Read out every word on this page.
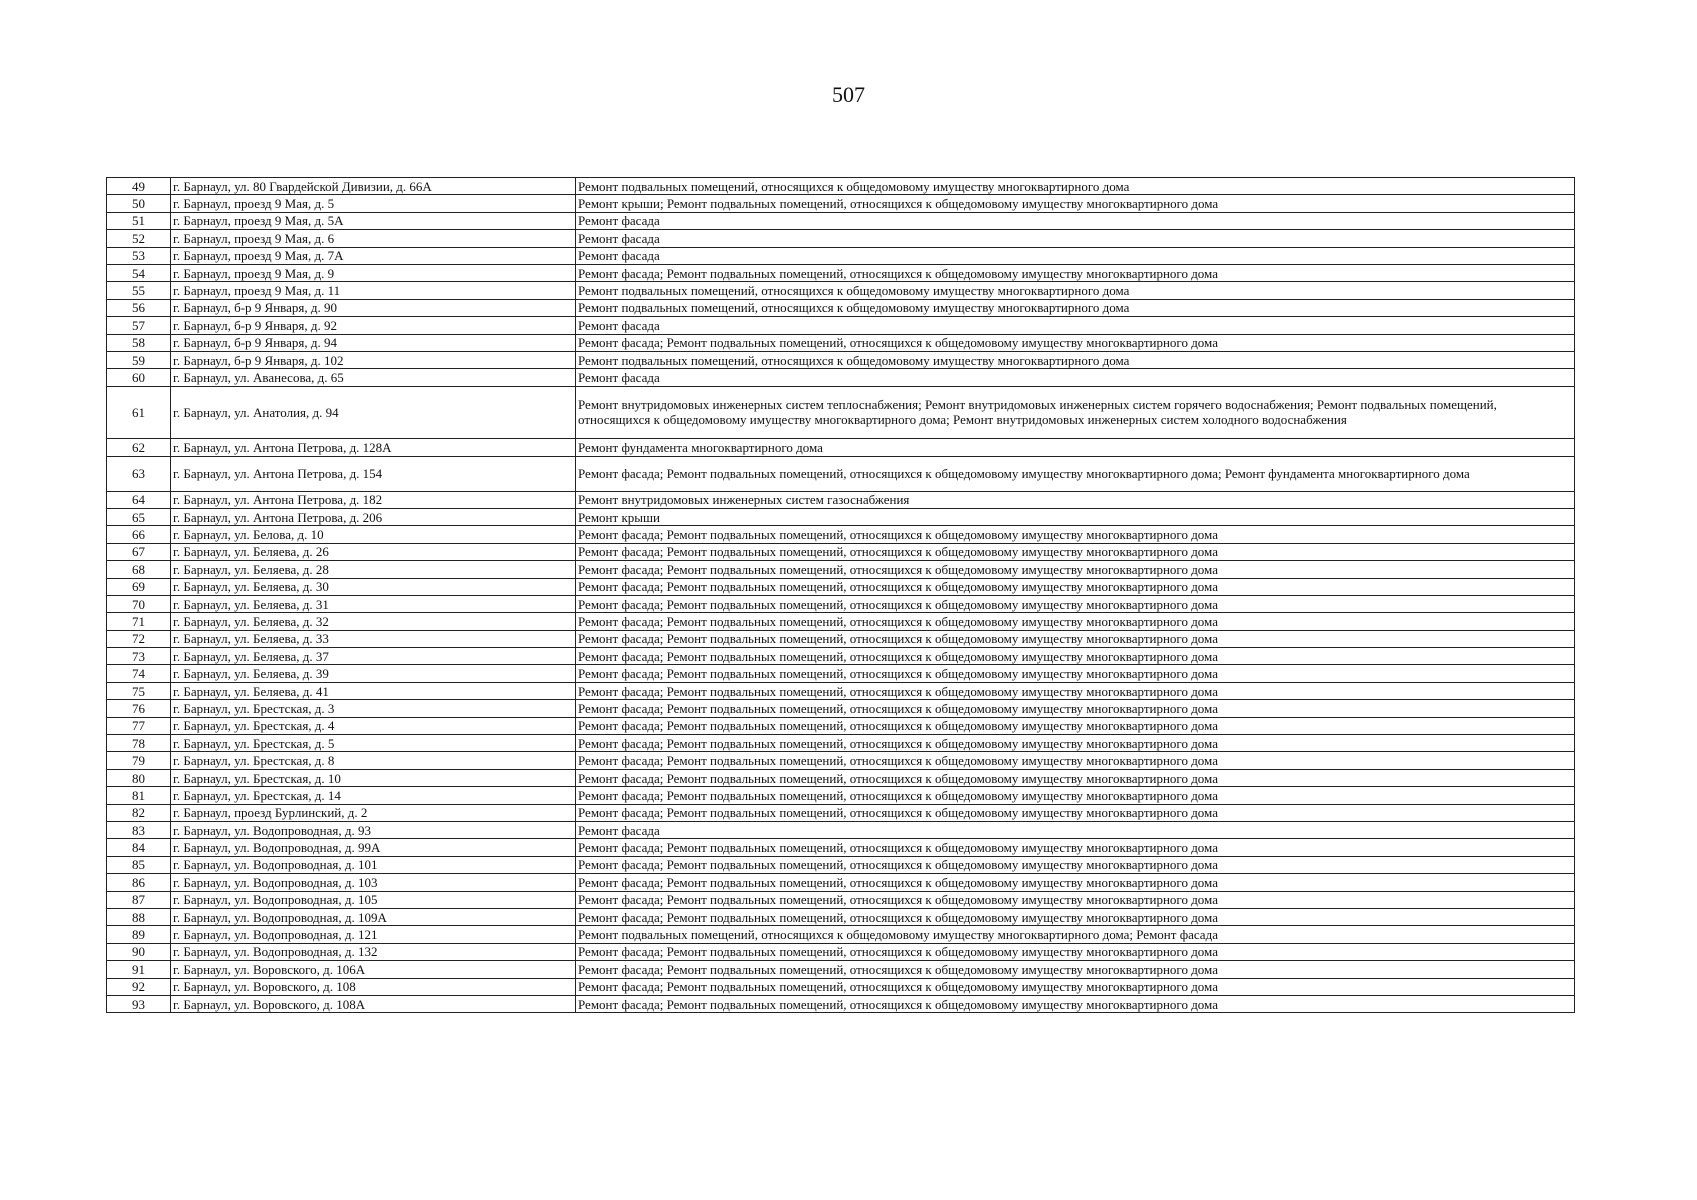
507
49	г. Барнаул, ул. 80 Гвардейской Дивизии, д. 66А	Ремонт подвальных помещений, относящихся к общедомовому имуществу многоквартирного дома
50	г. Барнаул, проезд 9 Мая, д. 5	Ремонт крыши; Ремонт подвальных помещений, относящихся к общедомовому имуществу многоквартирного дома
51	г. Барнаул, проезд 9 Мая, д. 5А	Ремонт фасада
52	г. Барнаул, проезд 9 Мая, д. 6	Ремонт фасада
53	г. Барнаул, проезд 9 Мая, д. 7А	Ремонт фасада
54	г. Барнаул, проезд 9 Мая, д. 9	Ремонт фасада; Ремонт подвальных помещений, относящихся к общедомовому имуществу многоквартирного дома
55	г. Барнаул, проезд 9 Мая, д. 11	Ремонт подвальных помещений, относящихся к общедомовому имуществу многоквартирного дома
56	г. Барнаул, б-р 9 Января, д. 90	Ремонт подвальных помещений, относящихся к общедомовому имуществу многоквартирного дома
57	г. Барнаул, б-р 9 Января, д. 92	Ремонт фасада
58	г. Барнаул, б-р 9 Января, д. 94	Ремонт фасада; Ремонт подвальных помещений, относящихся к общедомовому имуществу многоквартирного дома
59	г. Барнаул, б-р 9 Января, д. 102	Ремонт подвальных помещений, относящихся к общедомовому имуществу многоквартирного дома
60	г. Барнаул, ул. Аванесова, д. 65	Ремонт фасада
61	г. Барнаул, ул. Анатолия, д. 94	Ремонт внутридомовых инженерных систем теплоснабжения; Ремонт внутридомовых инженерных систем горячего водоснабжения; Ремонт подвальных помещений, относящихся к общедомовому имуществу многоквартирного дома; Ремонт внутридомовых инженерных систем холодного водоснабжения
62	г. Барнаул, ул. Антона Петрова, д. 128А	Ремонт фундамента многоквартирного дома
63	г. Барнаул, ул. Антона Петрова, д. 154	Ремонт фасада; Ремонт подвальных помещений, относящихся к общедомовому имуществу многоквартирного дома; Ремонт фундамента многоквартирного дома
64	г. Барнаул, ул. Антона Петрова, д. 182	Ремонт внутридомовых инженерных систем газоснабжения
65	г. Барнаул, ул. Антона Петрова, д. 206	Ремонт крыши
66	г. Барнаул, ул. Белова, д. 10	Ремонт фасада; Ремонт подвальных помещений, относящихся к общедомовому имуществу многоквартирного дома
67	г. Барнаул, ул. Беляева, д. 26	Ремонт фасада; Ремонт подвальных помещений, относящихся к общедомовому имуществу многоквартирного дома
68	г. Барнаул, ул. Беляева, д. 28	Ремонт фасада; Ремонт подвальных помещений, относящихся к общедомовому имуществу многоквартирного дома
69	г. Барнаул, ул. Беляева, д. 30	Ремонт фасада; Ремонт подвальных помещений, относящихся к общедомовому имуществу многоквартирного дома
70	г. Барнаул, ул. Беляева, д. 31	Ремонт фасада; Ремонт подвальных помещений, относящихся к общедомовому имуществу многоквартирного дома
71	г. Барнаул, ул. Беляева, д. 32	Ремонт фасада; Ремонт подвальных помещений, относящихся к общедомовому имуществу многоквартирного дома
72	г. Барнаул, ул. Беляева, д. 33	Ремонт фасада; Ремонт подвальных помещений, относящихся к общедомовому имуществу многоквартирного дома
73	г. Барнаул, ул. Беляева, д. 37	Ремонт фасада; Ремонт подвальных помещений, относящихся к общедомовому имуществу многоквартирного дома
74	г. Барнаул, ул. Беляева, д. 39	Ремонт фасада; Ремонт подвальных помещений, относящихся к общедомовому имуществу многоквартирного дома
75	г. Барнаул, ул. Беляева, д. 41	Ремонт фасада; Ремонт подвальных помещений, относящихся к общедомовому имуществу многоквартирного дома
76	г. Барнаул, ул. Брестская, д. 3	Ремонт фасада; Ремонт подвальных помещений, относящихся к общедомовому имуществу многоквартирного дома
77	г. Барнаул, ул. Брестская, д. 4	Ремонт фасада; Ремонт подвальных помещений, относящихся к общедомовому имуществу многоквартирного дома
78	г. Барнаул, ул. Брестская, д. 5	Ремонт фасада; Ремонт подвальных помещений, относящихся к общедомовому имуществу многоквартирного дома
79	г. Барнаул, ул. Брестская, д. 8	Ремонт фасада; Ремонт подвальных помещений, относящихся к общедомовому имуществу многоквартирного дома
80	г. Барнаул, ул. Брестская, д. 10	Ремонт фасада; Ремонт подвальных помещений, относящихся к общедомовому имуществу многоквартирного дома
81	г. Барнаул, ул. Брестская, д. 14	Ремонт фасада; Ремонт подвальных помещений, относящихся к общедомовому имуществу многоквартирного дома
82	г. Барнаул, проезд Бурлинский, д. 2	Ремонт фасада; Ремонт подвальных помещений, относящихся к общедомовому имуществу многоквартирного дома
83	г. Барнаул, ул. Водопроводная, д. 93	Ремонт фасада
84	г. Барнаул, ул. Водопроводная, д. 99А	Ремонт фасада; Ремонт подвальных помещений, относящихся к общедомовому имуществу многоквартирного дома
85	г. Барнаул, ул. Водопроводная, д. 101	Ремонт фасада; Ремонт подвальных помещений, относящихся к общедомовому имуществу многоквартирного дома
86	г. Барнаул, ул. Водопроводная, д. 103	Ремонт фасада; Ремонт подвальных помещений, относящихся к общедомовому имуществу многоквартирного дома
87	г. Барнаул, ул. Водопроводная, д. 105	Ремонт фасада; Ремонт подвальных помещений, относящихся к общедомовому имуществу многоквартирного дома
88	г. Барнаул, ул. Водопроводная, д. 109А	Ремонт фасада; Ремонт подвальных помещений, относящихся к общедомовому имуществу многоквартирного дома
89	г. Барнаул, ул. Водопроводная, д. 121	Ремонт подвальных помещений, относящихся к общедомовому имуществу многоквартирного дома; Ремонт фасада
90	г. Барнаул, ул. Водопроводная, д. 132	Ремонт фасада; Ремонт подвальных помещений, относящихся к общедомовому имуществу многоквартирного дома
91	г. Барнаул, ул. Воровского, д. 106А	Ремонт фасада; Ремонт подвальных помещений, относящихся к общедомовому имуществу многоквартирного дома
92	г. Барнаул, ул. Воровского, д. 108	Ремонт фасада; Ремонт подвальных помещений, относящихся к общедомовому имуществу многоквартирного дома
93	г. Барнаул, ул. Воровского, д. 108А	Ремонт фасада; Ремонт подвальных помещений, относящихся к общедомовому имуществу многоквартирного дома
